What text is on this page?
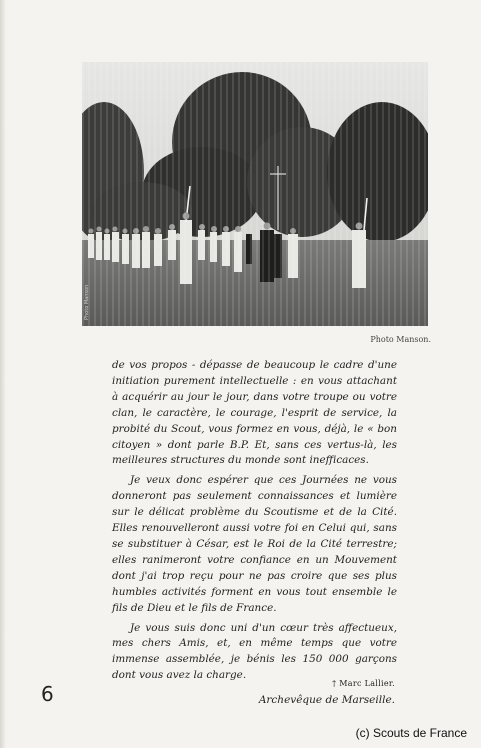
Photo Manson
Photo Manson.

de vos propos - dépasse de beaucoup le cadre d'une initiation purement intellectuelle : en vous attachant à acquérir au jour le jour, dans votre troupe ou votre clan, le caractère, le courage, l'esprit de service, la probité du Scout, vous formez en vous, déjà, le « bon citoyen » dont parle B.P. Et, sans ces vertus-là, les meilleures structures du monde sont inefficaces.

Je veux donc espérer que ces Journées ne vous donneront pas seulement connaissances et lumière sur le délicat problème du Scoutisme et de la Cité. Elles renouvelleront aussi votre foi en Celui qui, sans se substituer à César, est le Roi de la Cité terrestre; elles ranimeront votre confiance en un Mouvement dont j'ai trop reçu pour ne pas croire que ses plus humbles activités forment en vous tout ensemble le fils de Dieu et le fils de France.

Je vous suis donc uni d'un cœur très affectueux, mes chers Amis, et, en même temps que votre immense assemblée, je bénis les 150 000 garçons dont vous avez la charge.

† Marc Lallier.
Archevêque de Marseille.
6
(c) Scouts de France
